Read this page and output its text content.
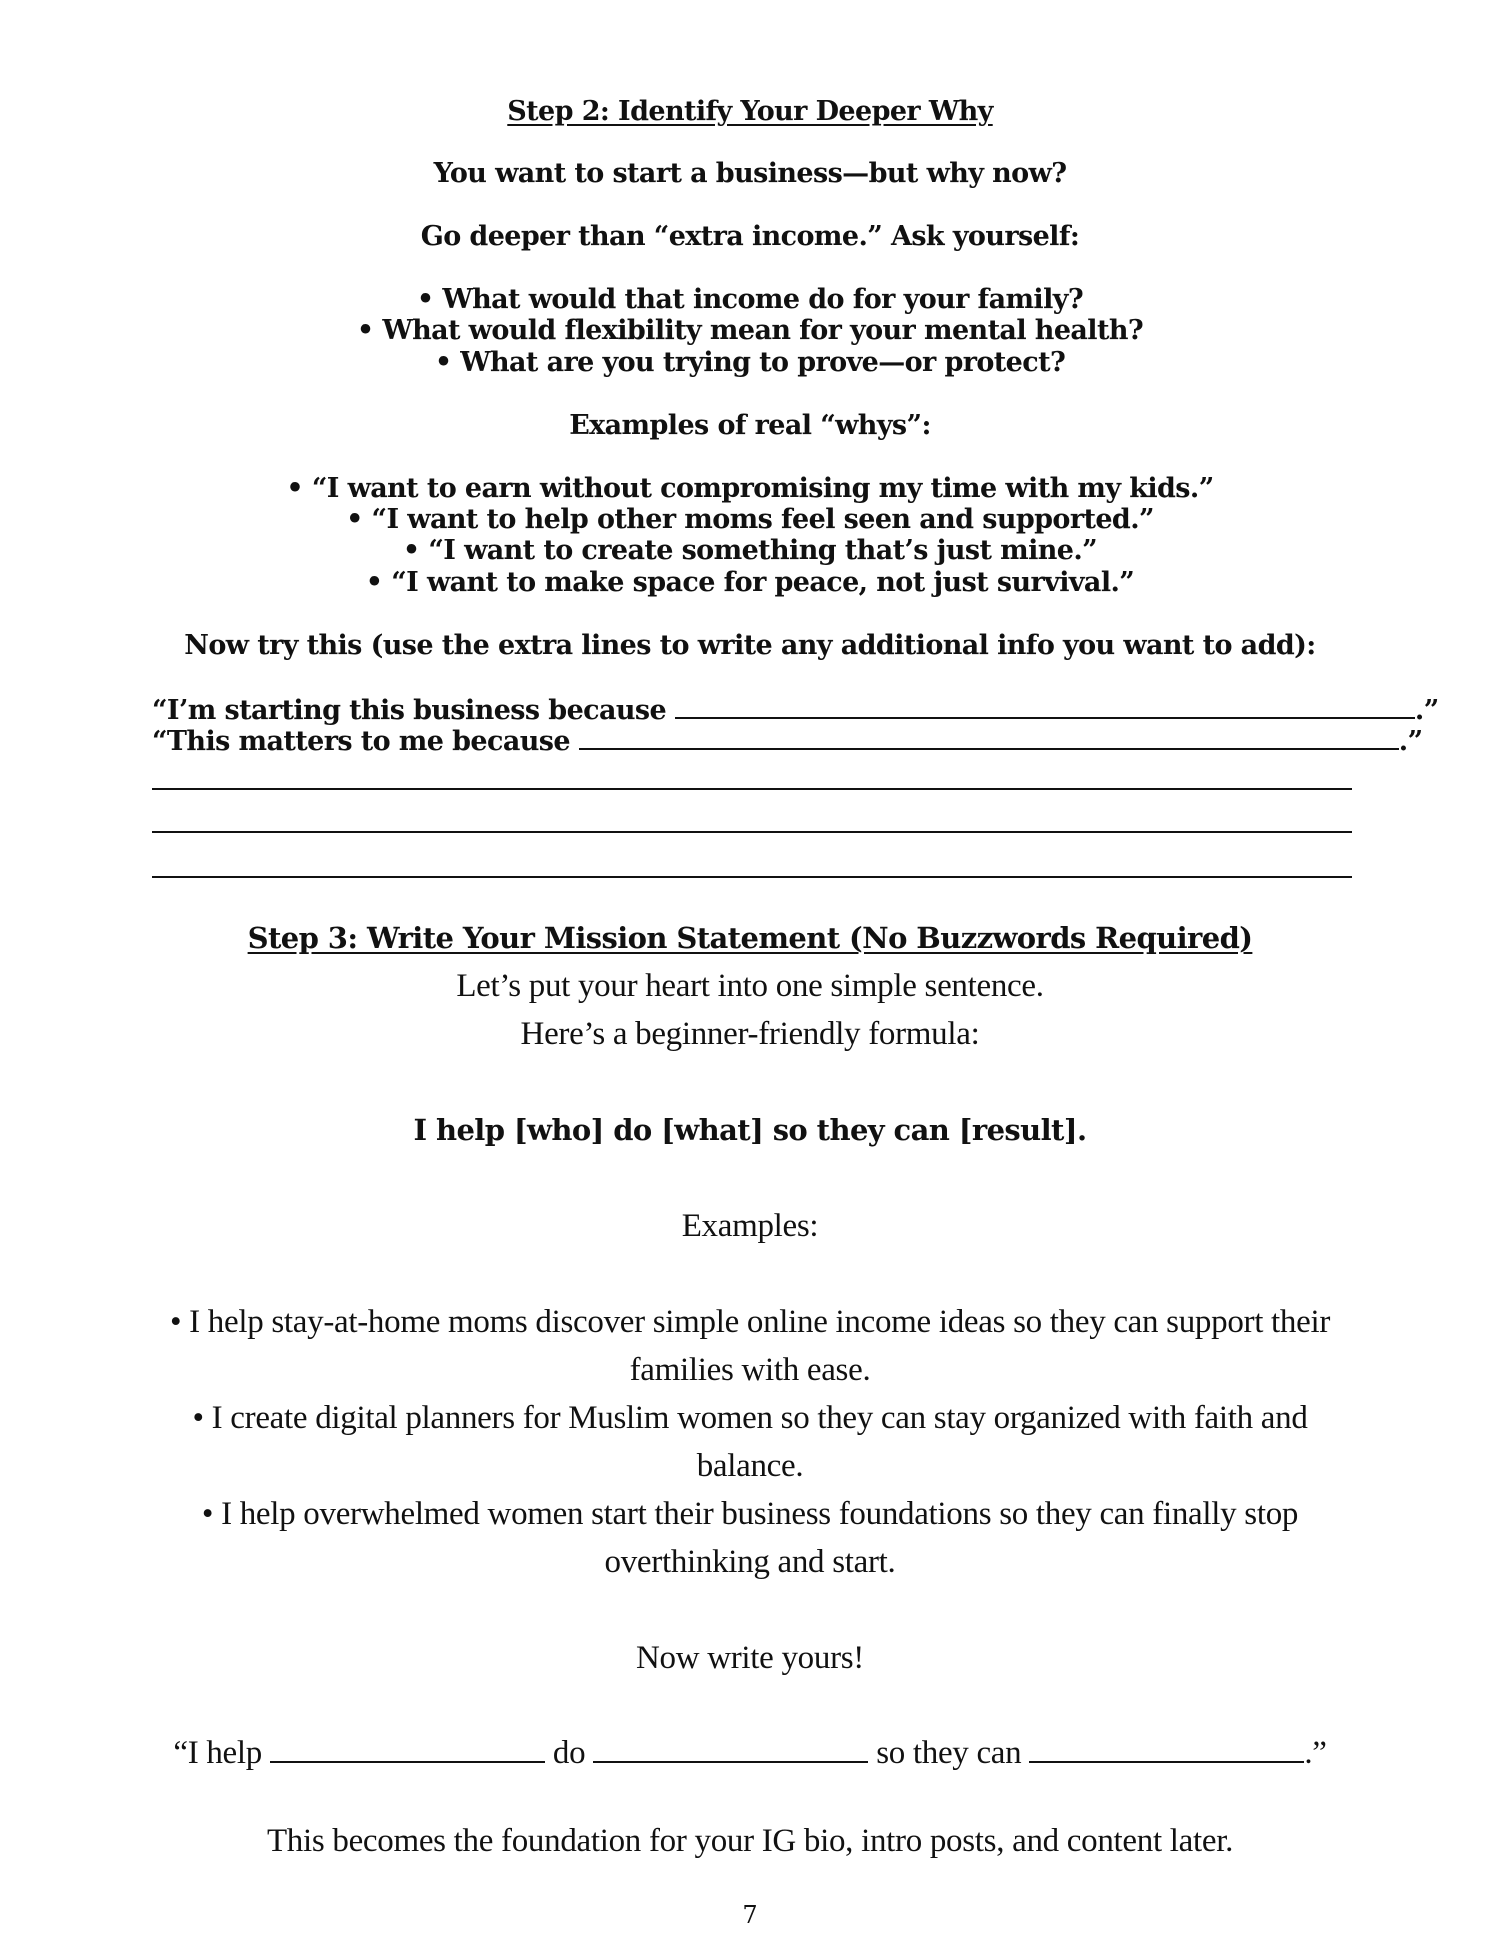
Step 2: Identify Your Deeper Why
You want to start a business—but why now?
Go deeper than “extra income.” Ask yourself:
• What would that income do for your family?
• What would flexibility mean for your mental health?
• What are you trying to prove—or protect?
Examples of real “whys”:
• “I want to earn without compromising my time with my kids.”
• “I want to help other moms feel seen and supported.”
• “I want to create something that’s just mine.”
• “I want to make space for peace, not just survival.”
Now try this (use the extra lines to write any additional info you want to add):
“I’m starting this business because	.”
“This matters to me because	.”
Step 3: Write Your Mission Statement (No Buzzwords Required)
Let’s put your heart into one simple sentence.
Here’s a beginner-friendly formula:
I help [who] do [what] so they can [result].
Examples:
• I help stay-at-home moms discover simple online income ideas so they can support their
families with ease.
• I create digital planners for Muslim women so they can stay organized with faith and
balance.
• I help overwhelmed women start their business foundations so they can finally stop
overthinking and start.
Now write yours!
“I help	do	so they can	.”
This becomes the foundation for your IG bio, intro posts, and content later.
7
